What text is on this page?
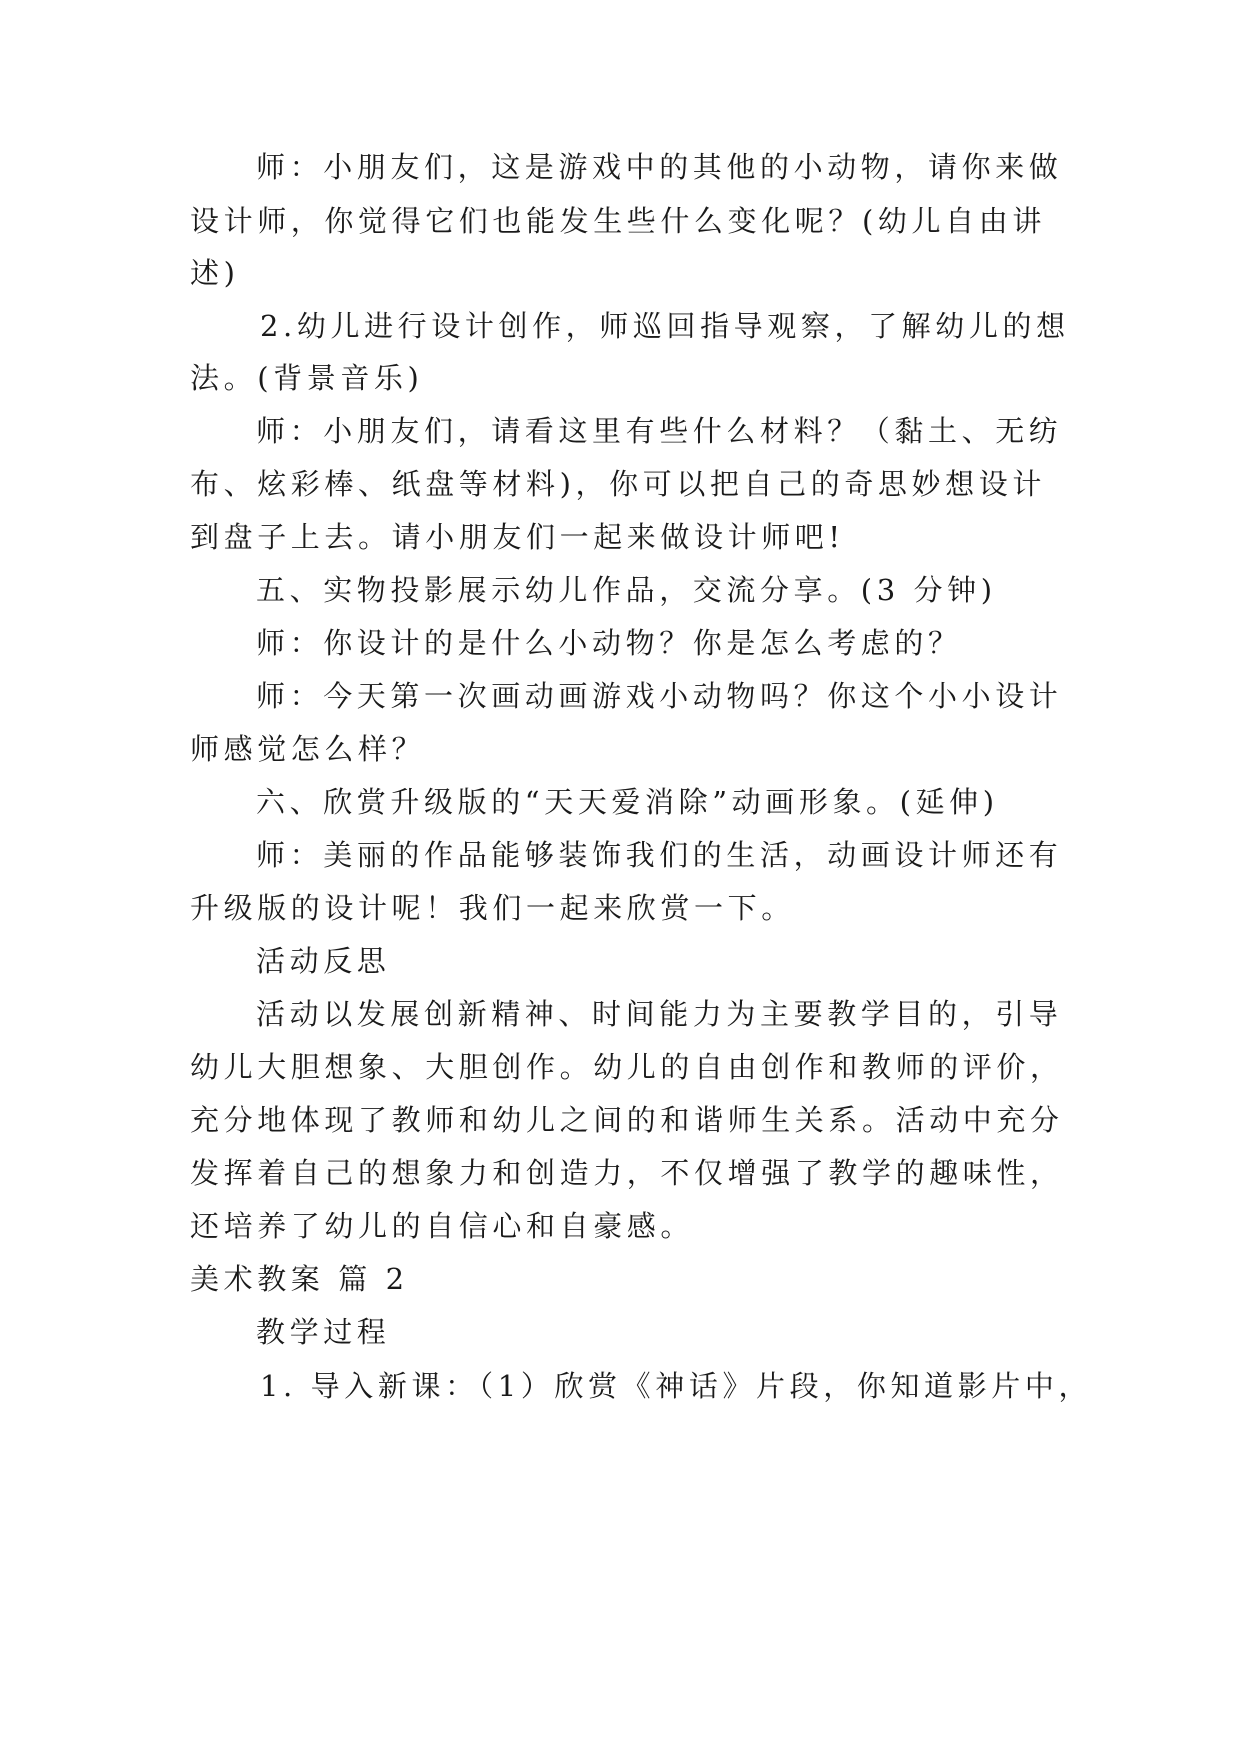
师：小朋友们，这是游戏中的其他的小动物，请你来做
设计师，你觉得它们也能发生些什么变化呢？(幼儿自由讲
述)
2.幼儿进行设计创作，师巡回指导观察，了解幼儿的想
法。(背景音乐)
师：小朋友们，请看这里有些什么材料？（黏土、无纺
布、炫彩棒、纸盘等材料)，你可以把自己的奇思妙想设计
到盘子上去。请小朋友们一起来做设计师吧!
五、实物投影展示幼儿作品，交流分享。(3 分钟)
师：你设计的是什么小动物？你是怎么考虑的？
师：今天第一次画动画游戏小动物吗？你这个小小设计
师感觉怎么样？
六、欣赏升级版的“天天爱消除”动画形象。(延伸)
师：美丽的作品能够装饰我们的生活，动画设计师还有
升级版的设计呢！我们一起来欣赏一下。
活动反思
活动以发展创新精神、时间能力为主要教学目的，引导
幼儿大胆想象、大胆创作。幼儿的自由创作和教师的评价，
充分地体现了教师和幼儿之间的和谐师生关系。活动中充分
发挥着自己的想象力和创造力，不仅增强了教学的趣味性，
还培养了幼儿的自信心和自豪感。
美术教案 篇 2
教学过程
1. 导入新课：（1）欣赏《神话》片段，你知道影片中，
